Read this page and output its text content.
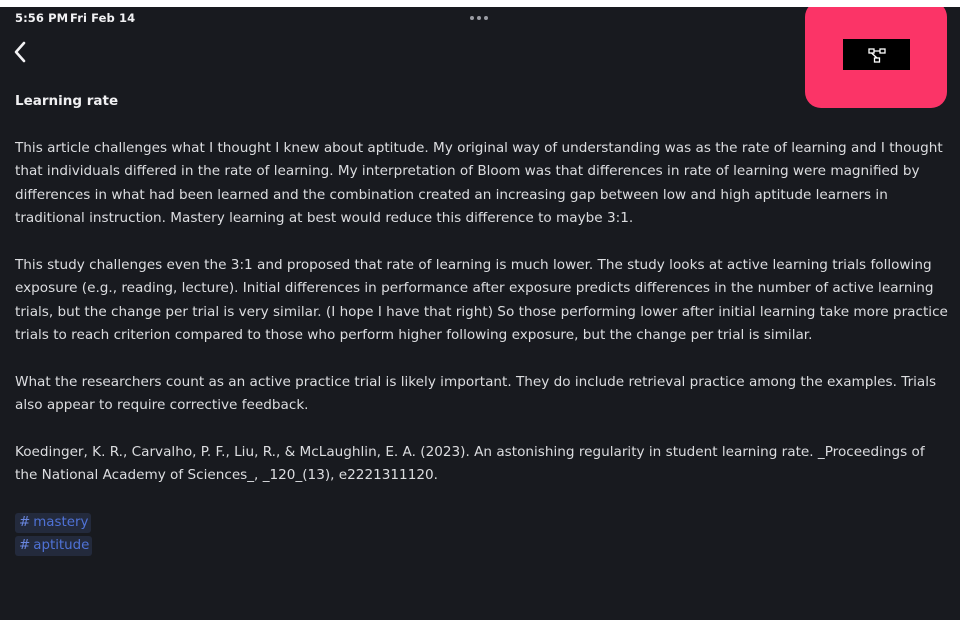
5:56 PM Fri Feb 14
Learning rate

This article challenges what I thought I knew about aptitude. My original way of understanding was as the rate of learning and I thought that individuals differed in the rate of learning. My interpretation of Bloom was that differences in rate of learning were magnified by differences in what had been learned and the combination created an increasing gap between low and high aptitude learners in traditional instruction. Mastery learning at best would reduce this difference to maybe 3:1.

This study challenges even the 3:1 and proposed that rate of learning is much lower. The study looks at active learning trials following exposure (e.g., reading, lecture). Initial differences in performance after exposure predicts differences in the number of active learning trials, but the change per trial is very similar. (I hope I have that right) So those performing lower after initial learning take more practice trials to reach criterion compared to those who perform higher following exposure, but the change per trial is similar.

What the researchers count as an active practice trial is likely important. They do include retrieval practice among the examples. Trials also appear to require corrective feedback.

Koedinger, K. R., Carvalho, P. F., Liu, R., & McLaughlin, E. A. (2023). An astonishing regularity in student learning rate. _Proceedings of the National Academy of Sciences_, _120_(13), e2221311120.

# mastery
# aptitude
